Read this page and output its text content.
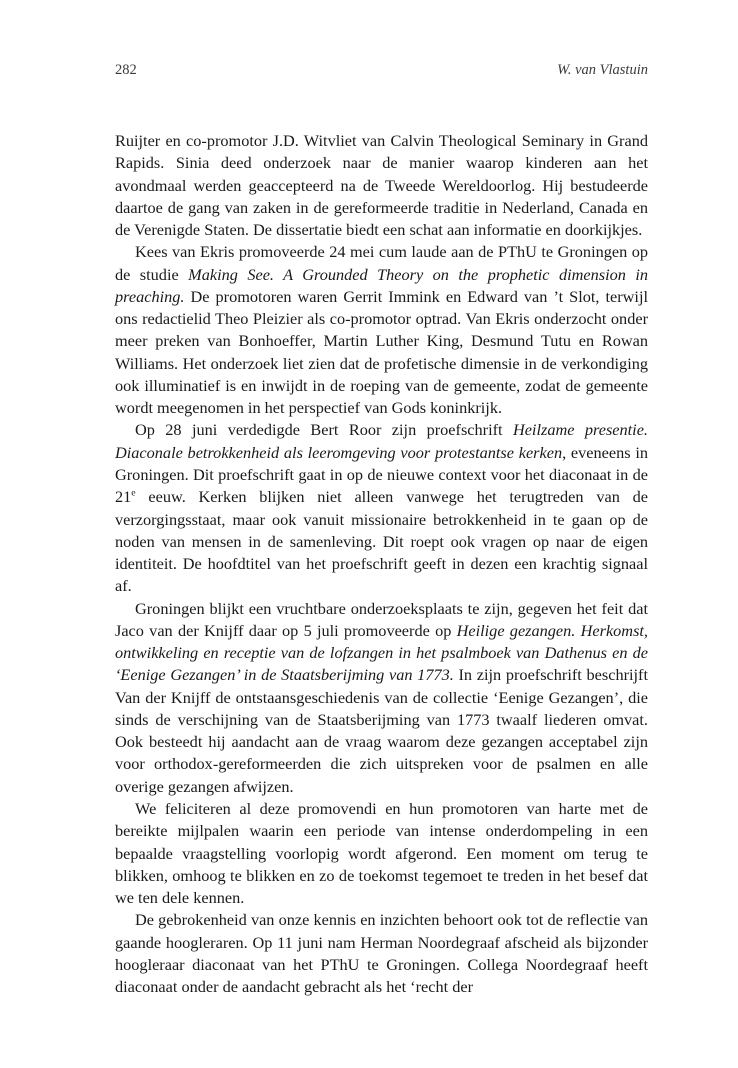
282	W. van Vlastuin

Ruijter en co-promotor J.D. Witvliet van Calvin Theological Seminary in Grand Rapids. Sinia deed onderzoek naar de manier waarop kinderen aan het avondmaal werden geaccepteerd na de Tweede Wereldoorlog. Hij bestudeerde daartoe de gang van zaken in de gereformeerde traditie in Nederland, Canada en de Verenigde Staten. De dissertatie biedt een schat aan informatie en doorkijkjes.

Kees van Ekris promoveerde 24 mei cum laude aan de PThU te Groningen op de studie Making See. A Grounded Theory on the prophetic dimension in preaching. De promotoren waren Gerrit Immink en Edward van ’t Slot, terwijl ons redactielid Theo Pleizier als co-promotor optrad. Van Ekris onderzocht onder meer preken van Bonhoeffer, Martin Luther King, Desmund Tutu en Rowan Williams. Het onderzoek liet zien dat de profetische dimensie in de verkondiging ook illuminatief is en inwijdt in de roeping van de gemeente, zodat de gemeente wordt meegenomen in het perspectief van Gods koninkrijk.

Op 28 juni verdedigde Bert Roor zijn proefschrift Heilzame presentie. Diaconale betrokkenheid als leeromgeving voor protestantse kerken, eveneens in Groningen. Dit proefschrift gaat in op de nieuwe context voor het diaconaat in de 21e eeuw. Kerken blijken niet alleen vanwege het terugtreden van de verzorgingsstaat, maar ook vanuit missionaire betrokkenheid in te gaan op de noden van mensen in de samenleving. Dit roept ook vragen op naar de eigen identiteit. De hoofdtitel van het proefschrift geeft in dezen een krachtig signaal af.

Groningen blijkt een vruchtbare onderzoeksplaats te zijn, gegeven het feit dat Jaco van der Knijff daar op 5 juli promoveerde op Heilige gezangen. Herkomst, ontwikkeling en receptie van de lofzangen in het psalmboek van Dathenus en de ‘Eenige Gezangen’ in de Staatsberijming van 1773. In zijn proefschrift beschrijft Van der Knijff de ontstaansgeschiedenis van de collectie ‘Eenige Gezangen’, die sinds de verschijning van de Staatsberijming van 1773 twaalf liederen omvat. Ook besteedt hij aandacht aan de vraag waarom deze gezangen acceptabel zijn voor orthodox-gereformeerden die zich uitspreken voor de psalmen en alle overige gezangen afwijzen.

We feliciteren al deze promovendi en hun promotoren van harte met de bereikte mijlpalen waarin een periode van intense onderdompeling in een bepaalde vraagstelling voorlopig wordt afgerond. Een moment om terug te blikken, omhoog te blikken en zo de toekomst tegemoet te treden in het besef dat we ten dele kennen.

De gebrokenheid van onze kennis en inzichten behoort ook tot de reflectie van gaande hoogleraren. Op 11 juni nam Herman Noordegraaf afscheid als bijzonder hoogleraar diaconaat van het PThU te Groningen. Collega Noordegraaf heeft diaconaat onder de aandacht gebracht als het ‘recht der
